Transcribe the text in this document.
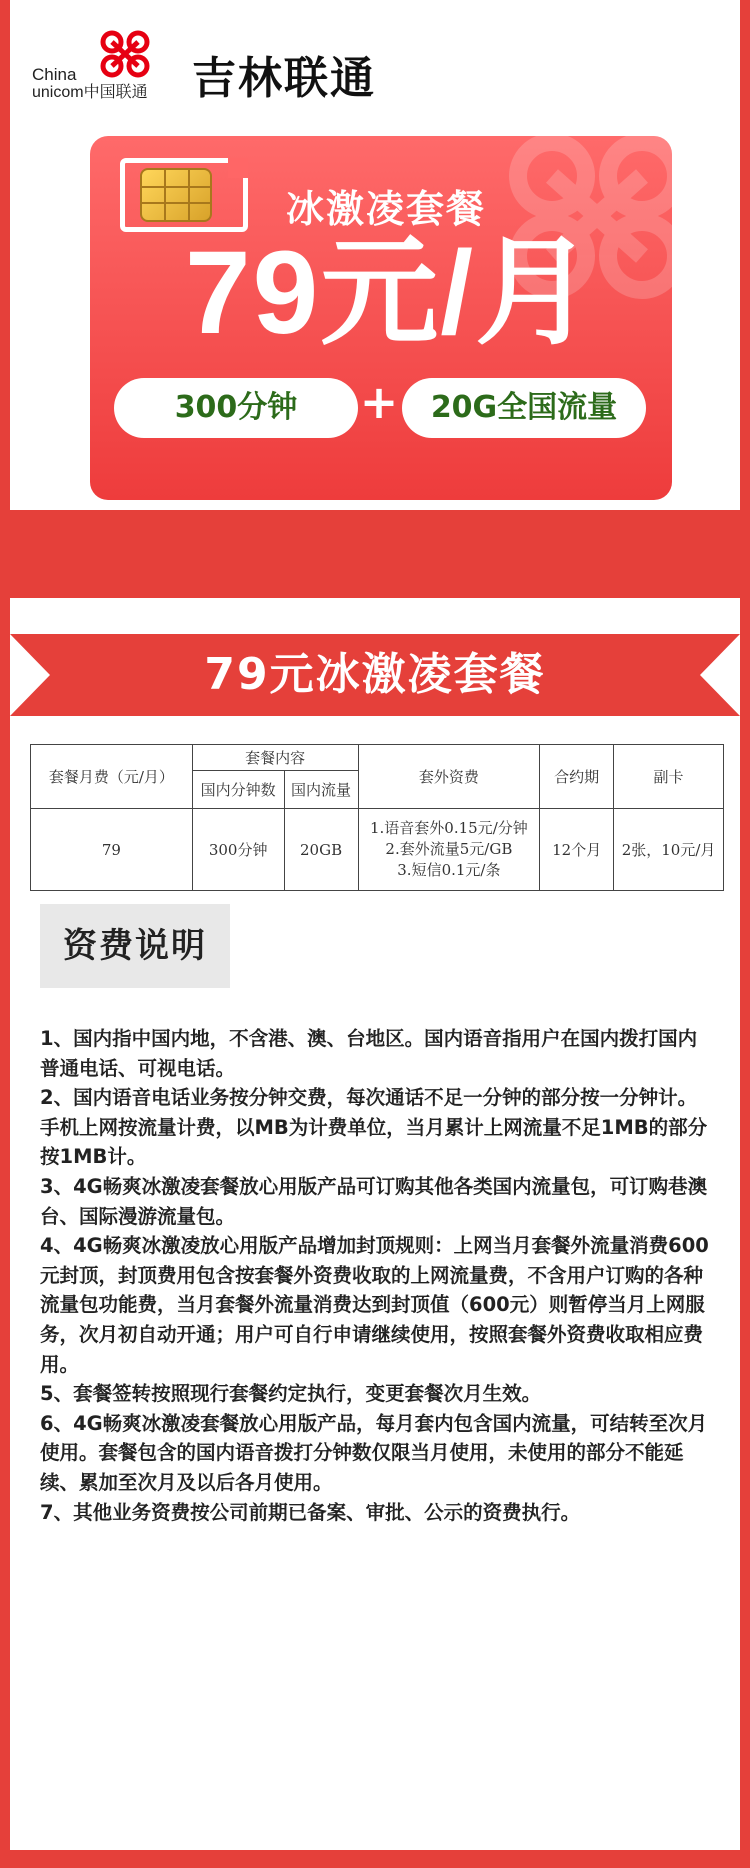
China
unicom中国联通 吉林联通
冰激凌套餐
79元/月
300分钟	+	20G全国流量
79元冰激凌套餐
套餐月费（元/月）	套餐内容		套外资费	合约期	副卡
	国内分钟数	国内流量			
79	300分钟	20GB	1.语音套外0.15元/分钟
2.套外流量5元/GB
3.短信0.1元/条	12个月	2张，10元/月
资费说明

1、国内指中国内地，不含港、澳、台地区。国内语音指用户在国内拨打国内普通电话、可视电话。

2、国内语音电话业务按分钟交费，每次通话不足一分钟的部分按一分钟计。手机上网按流量计费，以MB为计费单位，当月累计上网流量不足1MB的部分按1MB计。

3、4G畅爽冰激凌套餐放心用版产品可订购其他各类国内流量包，可订购巷澳台、国际漫游流量包。

4、4G畅爽冰激凌放心用版产品增加封顶规则：上网当月套餐外流量消费600元封顶，封顶费用包含按套餐外资费收取的上网流量费，不含用户订购的各种流量包功能费，当月套餐外流量消费达到封顶值（600元）则暂停当月上网服务，次月初自动开通；用户可自行申请继续使用，按照套餐外资费收取相应费用。

5、套餐签转按照现行套餐约定执行，变更套餐次月生效。

6、4G畅爽冰激凌套餐放心用版产品，每月套内包含国内流量，可结转至次月使用。套餐包含的国内语音拨打分钟数仅限当月使用，未使用的部分不能延续、累加至次月及以后各月使用。

7、其他业务资费按公司前期已备案、审批、公示的资费执行。
